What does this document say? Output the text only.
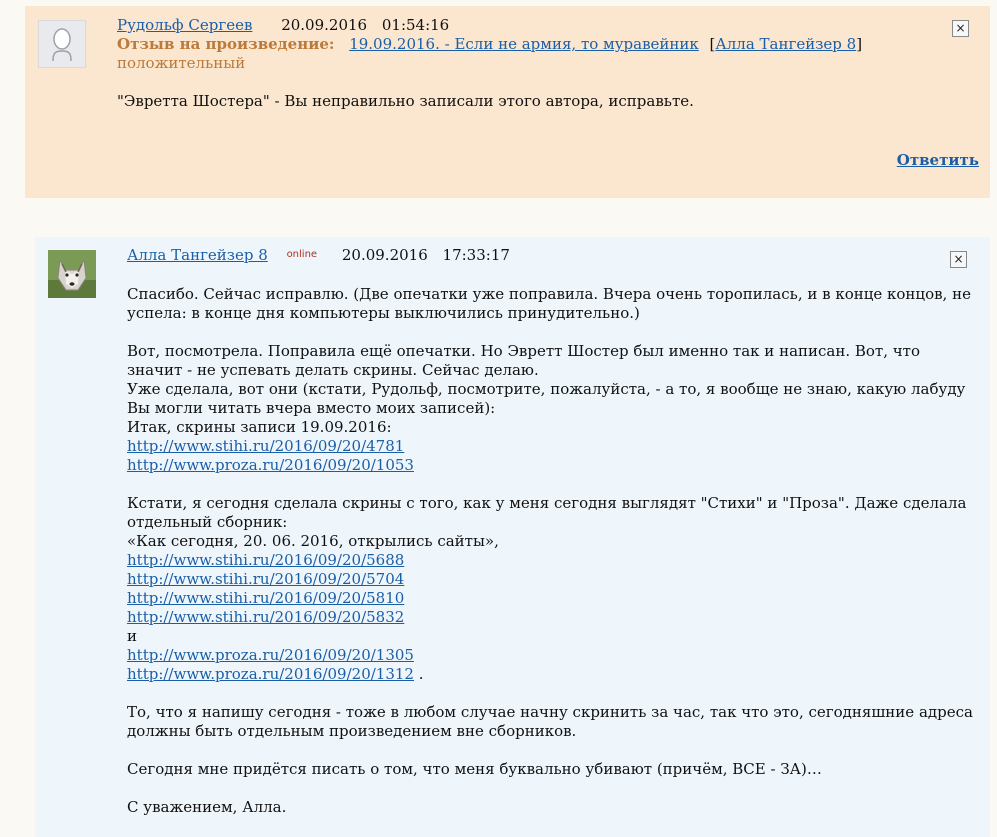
Рудольф Сергеев 20.09.2016 01:54:16
Отзыв на произведение: 19.09.2016. - Если не армия, то муравейник [Алла Тангейзер 8]
положительный
"Эвретта Шостера" - Вы неправильно записали этого автора, исправьте.
Ответить
×
Алла Тангейзер 8 $^{online}$ 20.09.2016 17:33:17	×

Спасибо. Сейчас исправлю. (Две опечатки уже поправила. Вчера очень торопилась, и в конце концов, не успела: в конце дня компьютеры выключились принудительно.)

Вот, посмотрела. Поправила ещё опечатки. Но Эвретт Шостер был именно так и написан. Вот, что значит - не успевать делать скрины. Сейчас делаю.
Уже сделала, вот они (кстати, Рудольф, посмотрите, пожалуйста, - а то, я вообще не знаю, какую лабуду Вы могли читать вчера вместо моих записей):
Итак, скрины записи 19.09.2016:
http://www.stihi.ru/2016/09/20/4781
http://www.proza.ru/2016/09/20/1053

Кстати, я сегодня сделала скрины с того, как у меня сегодня выглядят "Стихи" и "Проза". Даже сделала отдельный сборник:
«Как сегодня, 20. 06. 2016, открылись сайты»,
http://www.stihi.ru/2016/09/20/5688
http://www.stihi.ru/2016/09/20/5704
http://www.stihi.ru/2016/09/20/5810
http://www.stihi.ru/2016/09/20/5832
и
http://www.proza.ru/2016/09/20/1305
http://www.proza.ru/2016/09/20/1312 .

То, что я напишу сегодня - тоже в любом случае начну скринить за час, так что это, сегодняшние адреса должны быть отдельным произведением вне сборников.

Сегодня мне придётся писать о том, что меня буквально убивают (причём, ВСЕ - ЗА)…

С уважением, Алла.
